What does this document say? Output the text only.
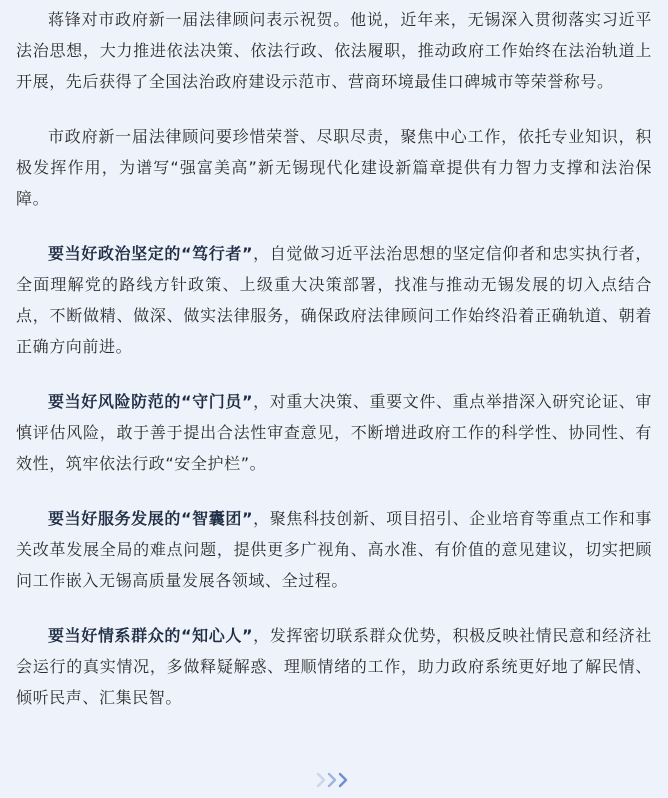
蒋锋对市政府新一届法律顾问表示祝贺。他说，近年来，无锡深入贯彻落实习近平法治思想，大力推进依法决策、依法行政、依法履职，推动政府工作始终在法治轨道上开展，先后获得了全国法治政府建设示范市、营商环境最佳口碑城市等荣誉称号。

市政府新一届法律顾问要珍惜荣誉、尽职尽责，聚焦中心工作，依托专业知识，积极发挥作用，为谱写“强富美高”新无锡现代化建设新篇章提供有力智力支撑和法治保障。

要当好政治坚定的“笃行者”，自觉做习近平法治思想的坚定信仰者和忠实执行者，全面理解党的路线方针政策、上级重大决策部署，找准与推动无锡发展的切入点结合点，不断做精、做深、做实法律服务，确保政府法律顾问工作始终沿着正确轨道、朝着正确方向前进。

要当好风险防范的“守门员”，对重大决策、重要文件、重点举措深入研究论证、审慎评估风险，敢于善于提出合法性审查意见，不断增进政府工作的科学性、协同性、有效性，筑牢依法行政“安全护栏”。

要当好服务发展的“智囊团”，聚焦科技创新、项目招引、企业培育等重点工作和事关改革发展全局的难点问题，提供更多广视角、高水准、有价值的意见建议，切实把顾问工作嵌入无锡高质量发展各领域、全过程。

要当好情系群众的“知心人”，发挥密切联系群众优势，积极反映社情民意和经济社会运行的真实情况，多做释疑解惑、理顺情绪的工作，助力政府系统更好地了解民情、倾听民声、汇集民智。
